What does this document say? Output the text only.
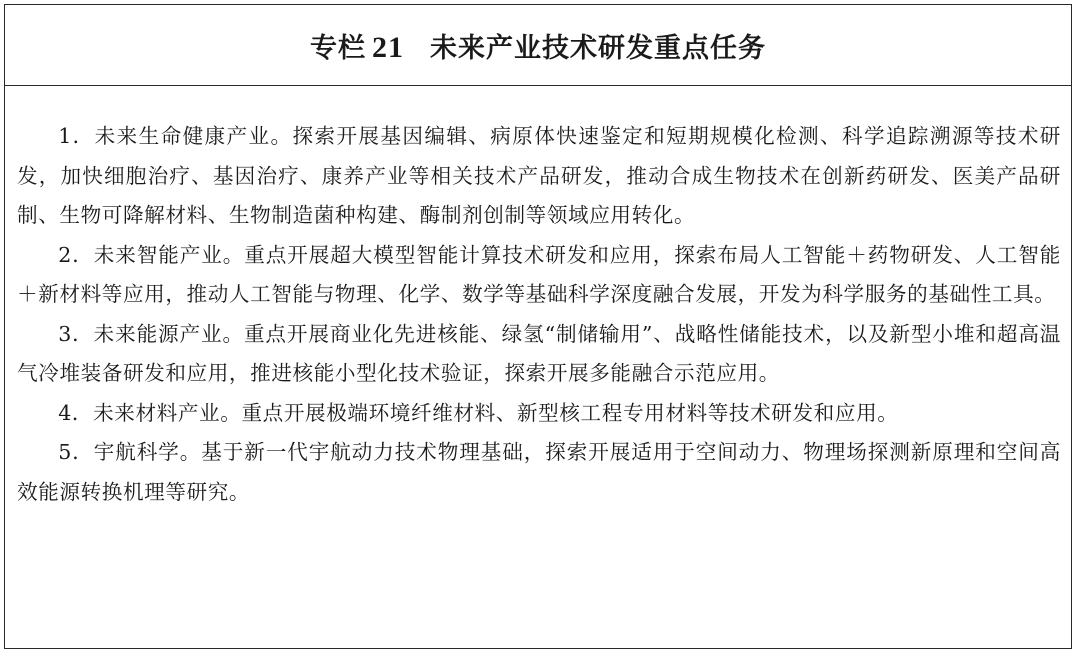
专栏 21 未来产业技术研发重点任务

1．未来生命健康产业。探索开展基因编辑、病原体快速鉴定和短期规模化检测、科学追踪溯源等技术研发，加快细胞治疗、基因治疗、康养产业等相关技术产品研发，推动合成生物技术在创新药研发、医美产品研制、生物可降解材料、生物制造菌种构建、酶制剂创制等领域应用转化。

2．未来智能产业。重点开展超大模型智能计算技术研发和应用，探索布局人工智能＋药物研发、人工智能＋新材料等应用，推动人工智能与物理、化学、数学等基础科学深度融合发展，开发为科学服务的基础性工具。

3．未来能源产业。重点开展商业化先进核能、绿氢“制储输用”、战略性储能技术，以及新型小堆和超高温气冷堆装备研发和应用，推进核能小型化技术验证，探索开展多能融合示范应用。

4．未来材料产业。重点开展极端环境纤维材料、新型核工程专用材料等技术研发和应用。

5．宇航科学。基于新一代宇航动力技术物理基础，探索开展适用于空间动力、物理场探测新原理和空间高效能源转换机理等研究。
